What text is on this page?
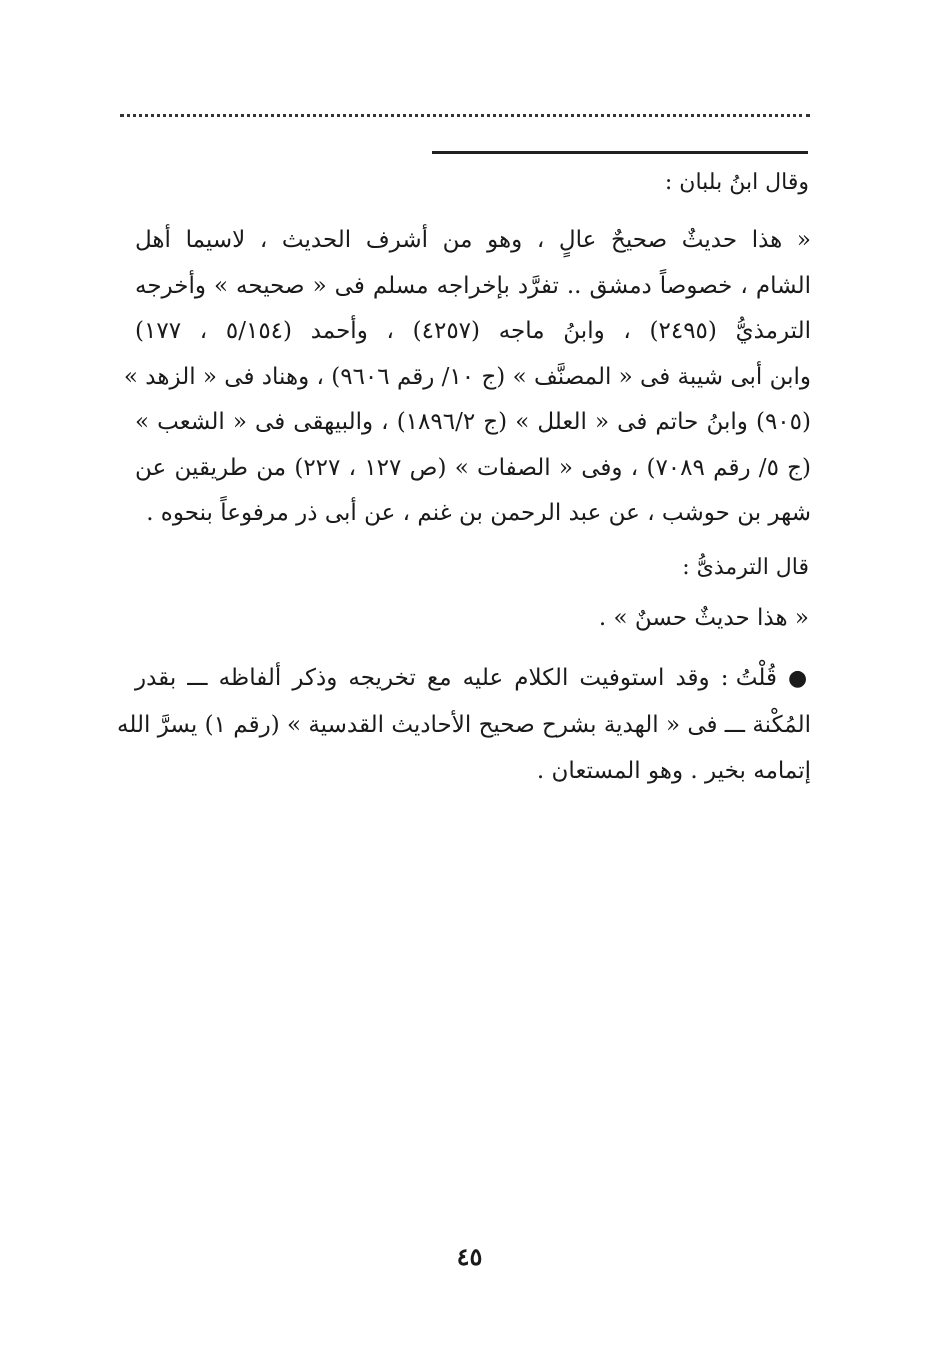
وقال ابنُ بلبان :
« هذا حديثٌ صحيحٌ عالٍ ، وهو من أشرف الحديث ، لاسيما أهل
الشام ، خصوصاً دمشق .. تفرَّد بإخراجه مسلم فى « صحيحه » وأخرجه
الترمذيُّ (٢٤٩٥) ، وابنُ ماجه (٤٢٥٧) ، وأحمد (٥/١٥٤ ، ١٧٧)
وابن أبى شيبة فى « المصنَّف » (ج ١٠/ رقم ٩٦٠٦) ، وهناد فى « الزهد »
(٩٠٥) وابنُ حاتم فى « العلل » (ج ١٨٩٦/٢) ، والبيهقى فى « الشعب »
(ج ٥/ رقم ٧٠٨٩) ، وفى « الصفات » (ص ١٢٧ ، ٢٢٧) من طريقين عن
شهر بن حوشب ، عن عبد الرحمن بن غنم ، عن أبى ذر مرفوعاً بنحوه .
قال الترمذىُّ :
« هذا حديثٌ حسنٌ » .
● قُلْتُ : وقد استوفيت الكلام عليه مع تخريجه وذكر ألفاظه ـــ بقدر
المُكْنة ـــ فى « الهدية بشرح صحيح الأحاديث القدسية » (رقم ١) يسرَّ الله
إتمامه بخير . وهو المستعان .
٤٥
